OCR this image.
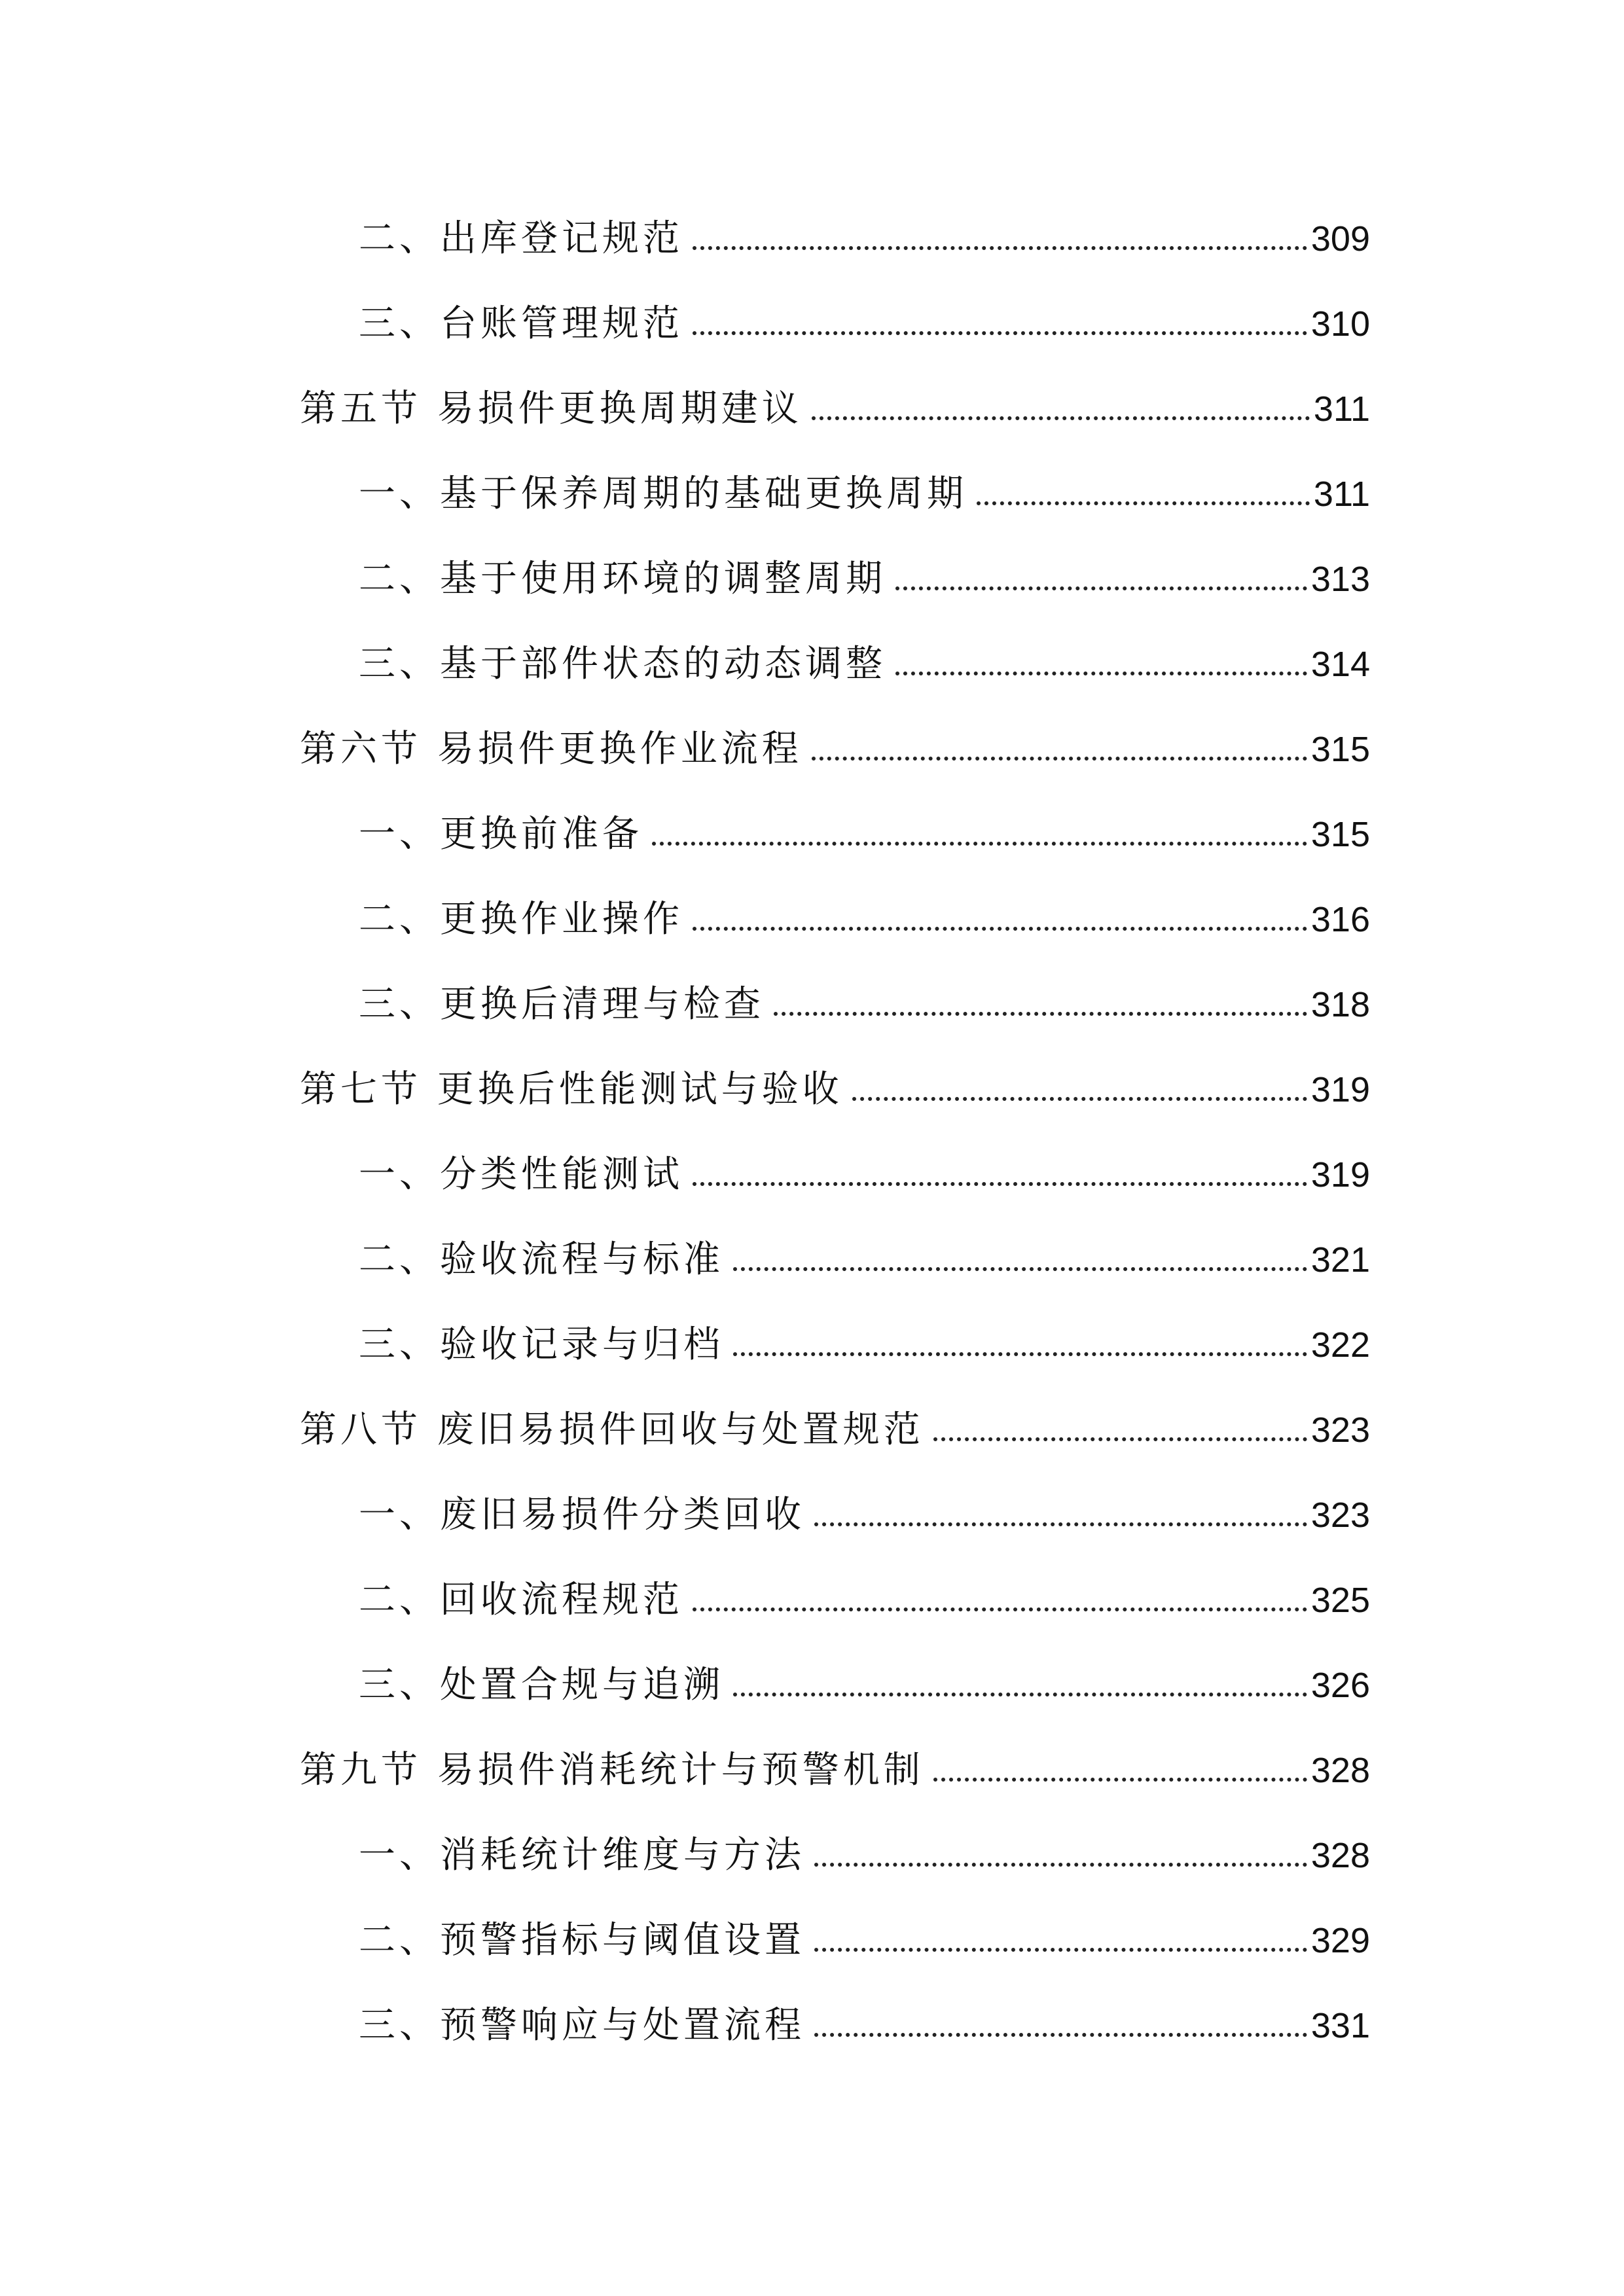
二、出库登记规范	309
三、台账管理规范	310
第五节 易损件更换周期建议	311
一、基于保养周期的基础更换周期	311
二、基于使用环境的调整周期	313
三、基于部件状态的动态调整	314
第六节 易损件更换作业流程	315
一、更换前准备	315
二、更换作业操作	316
三、更换后清理与检查	318
第七节 更换后性能测试与验收	319
一、分类性能测试	319
二、验收流程与标准	321
三、验收记录与归档	322
第八节 废旧易损件回收与处置规范	323
一、废旧易损件分类回收	323
二、回收流程规范	325
三、处置合规与追溯	326
第九节 易损件消耗统计与预警机制	328
一、消耗统计维度与方法	328
二、预警指标与阈值设置	329
三、预警响应与处置流程	331
